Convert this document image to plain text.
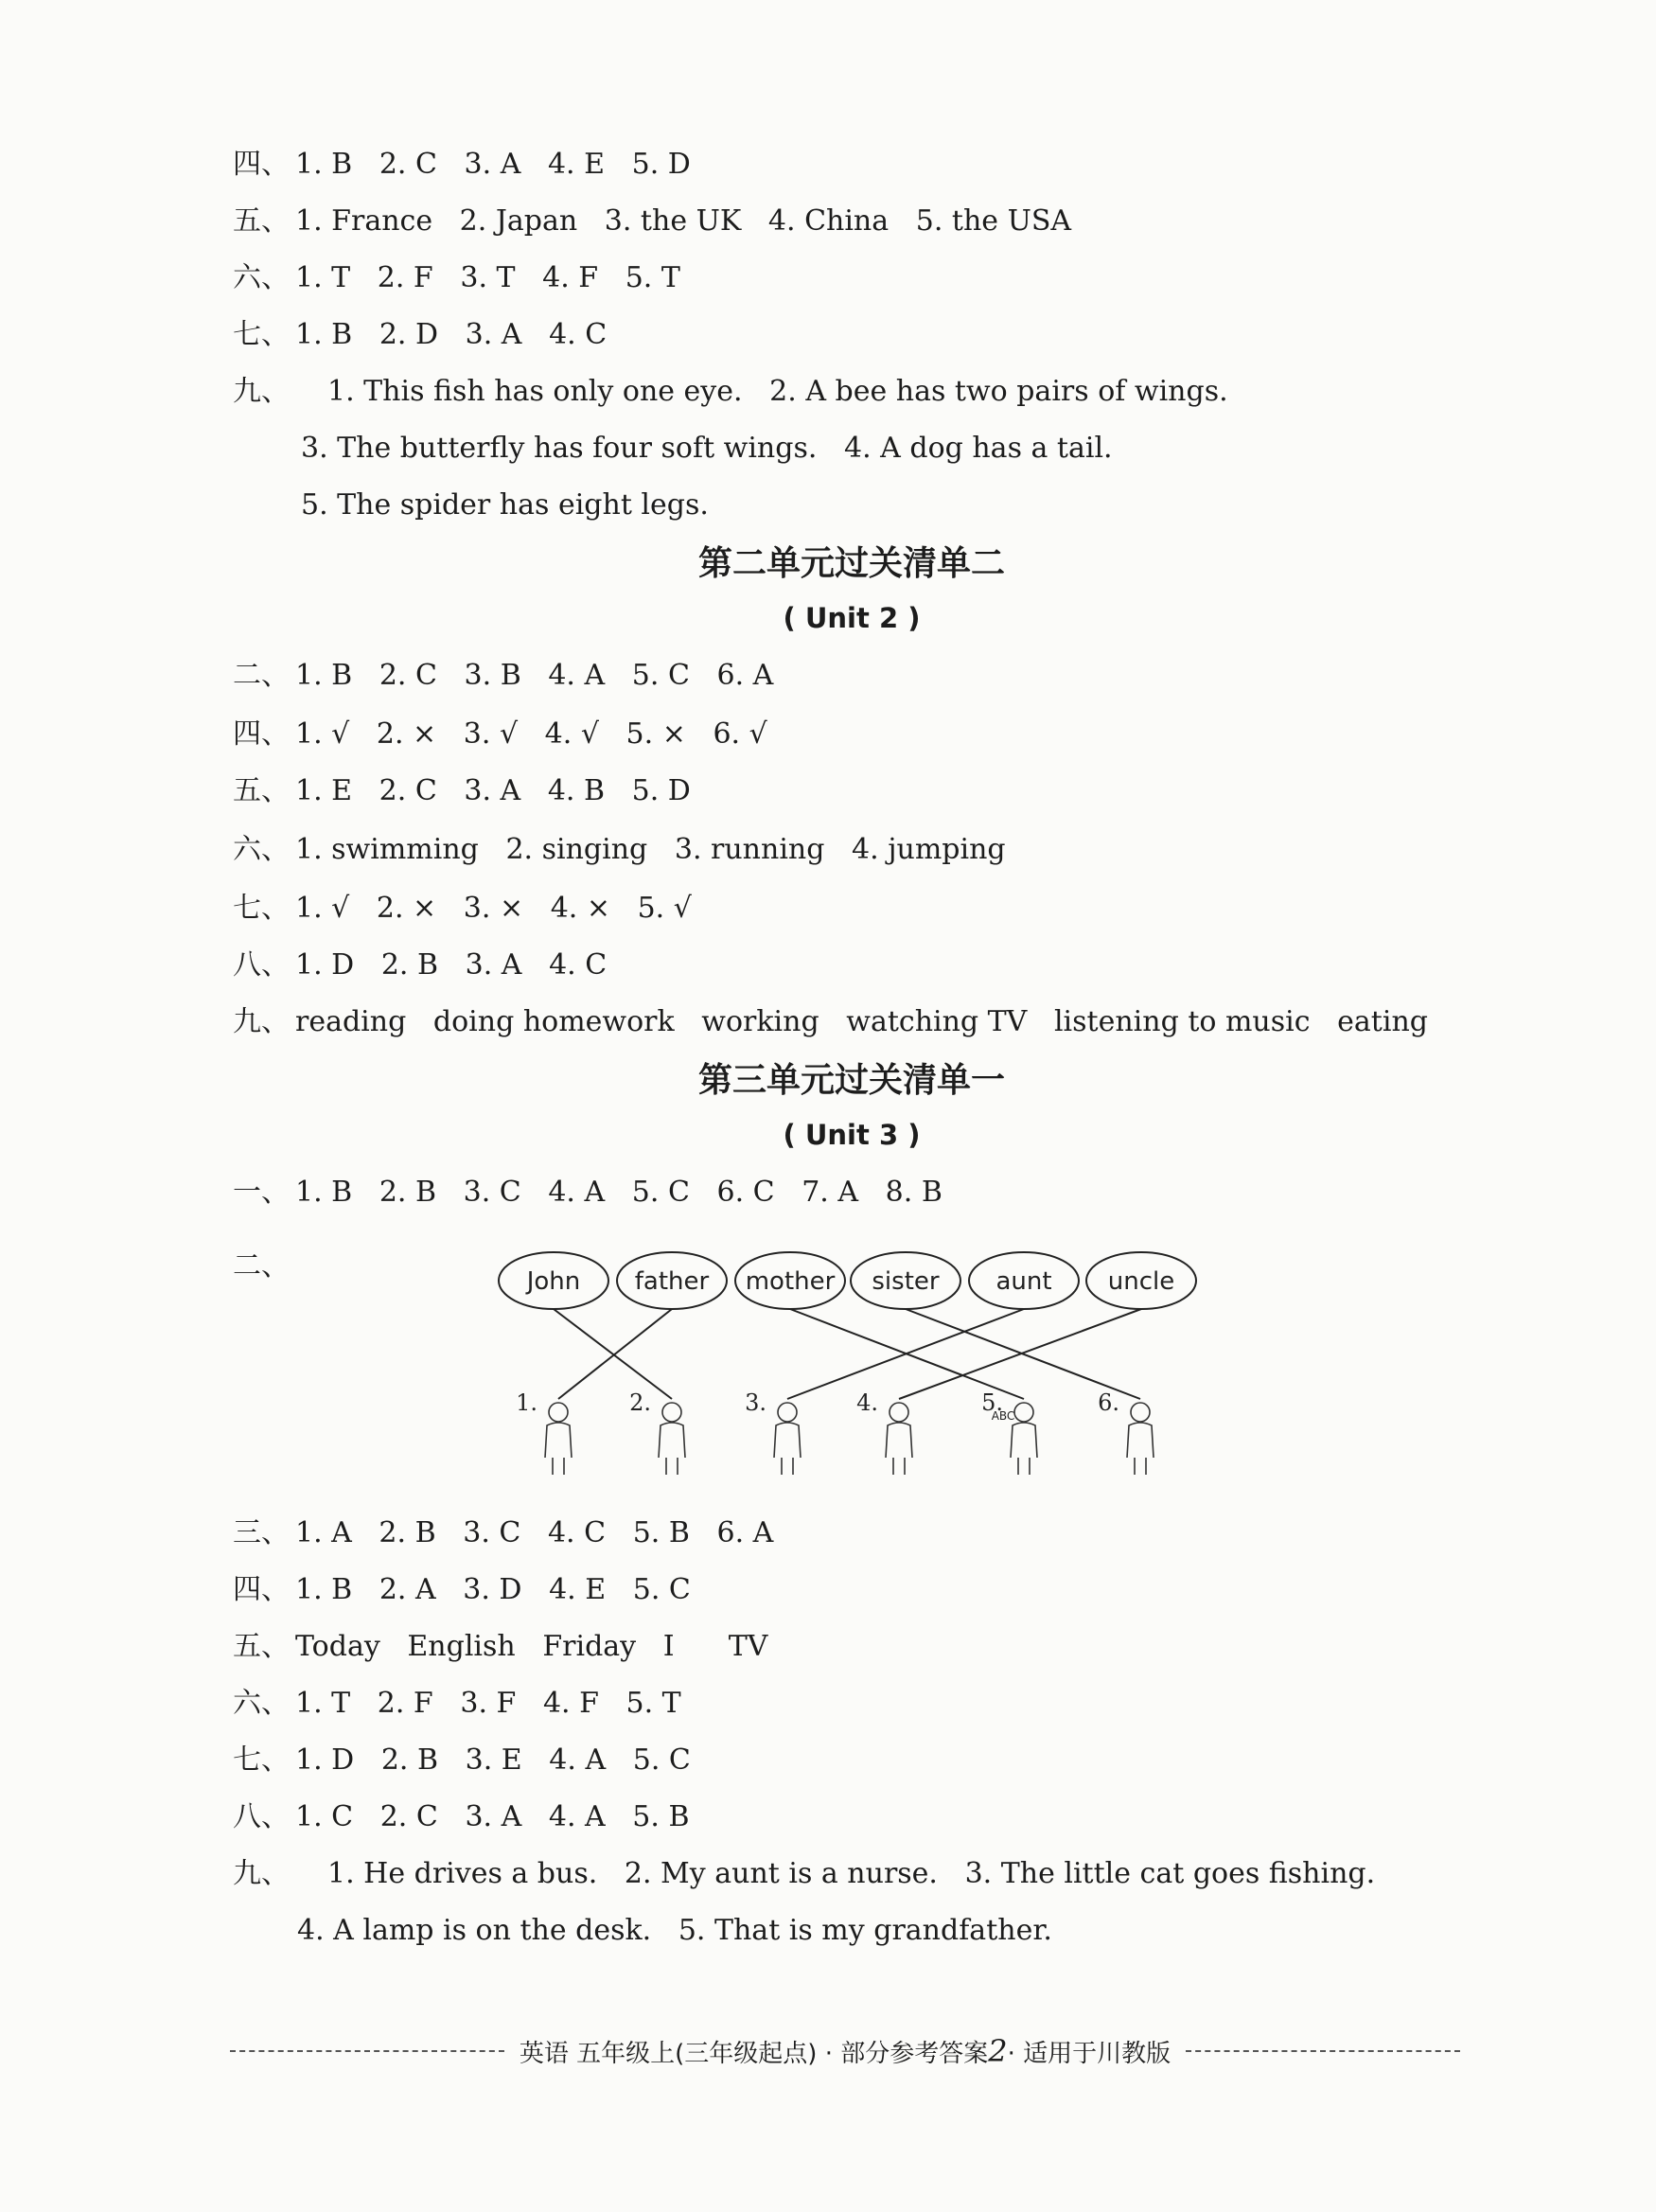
四、 1. B   2. C   3. A   4. E   5. D
五、 1. France   2. Japan   3. the UK   4. China   5. the USA
六、 1. T   2. F   3. T   4. F   5. T
七、 1. B   2. D   3. A   4. C
九、 1. This fish has only one eye.   2. A bee has two pairs of wings.
3. The butterfly has four soft wings.   4. A dog has a tail.
5. The spider has eight legs.
第二单元过关清单二
( Unit 2 )
二、 1. B   2. C   3. B   4. A   5. C   6. A
四、 1. √   2. ×   3. √   4. √   5. ×   6. √
五、 1. E   2. C   3. A   4. B   5. D
六、 1. swimming   2. singing   3. running   4. jumping
七、 1. √   2. ×   3. ×   4. ×   5. √
八、 1. D   2. B   3. A   4. C
九、 reading   doing homework   working   watching TV   listening to music   eating
第三单元过关清单一
( Unit 3 )
一、 1. B   2. B   3. C   4. A   5. C   6. C   7. A   8. B
二、	John father mother sister aunt uncle
1.	2.	3.	4.	5.	6.
ABC
三、 1. A   2. B   3. C   4. C   5. B   6. A
四、 1. B   2. A   3. D   4. E   5. C
五、 Today   English   Friday   I      TV
六、 1. T   2. F   3. F   4. F   5. T
七、 1. D   2. B   3. E   4. A   5. C
八、 1. C   2. C   3. A   4. A   5. B
九、 1. He drives a bus.   2. My aunt is a nurse.   3. The little cat goes fishing.
4. A lamp is on the desk.   5. That is my grandfather.
英语 五年级上(三年级起点) · 部分参考答案2· 适用于川教版
